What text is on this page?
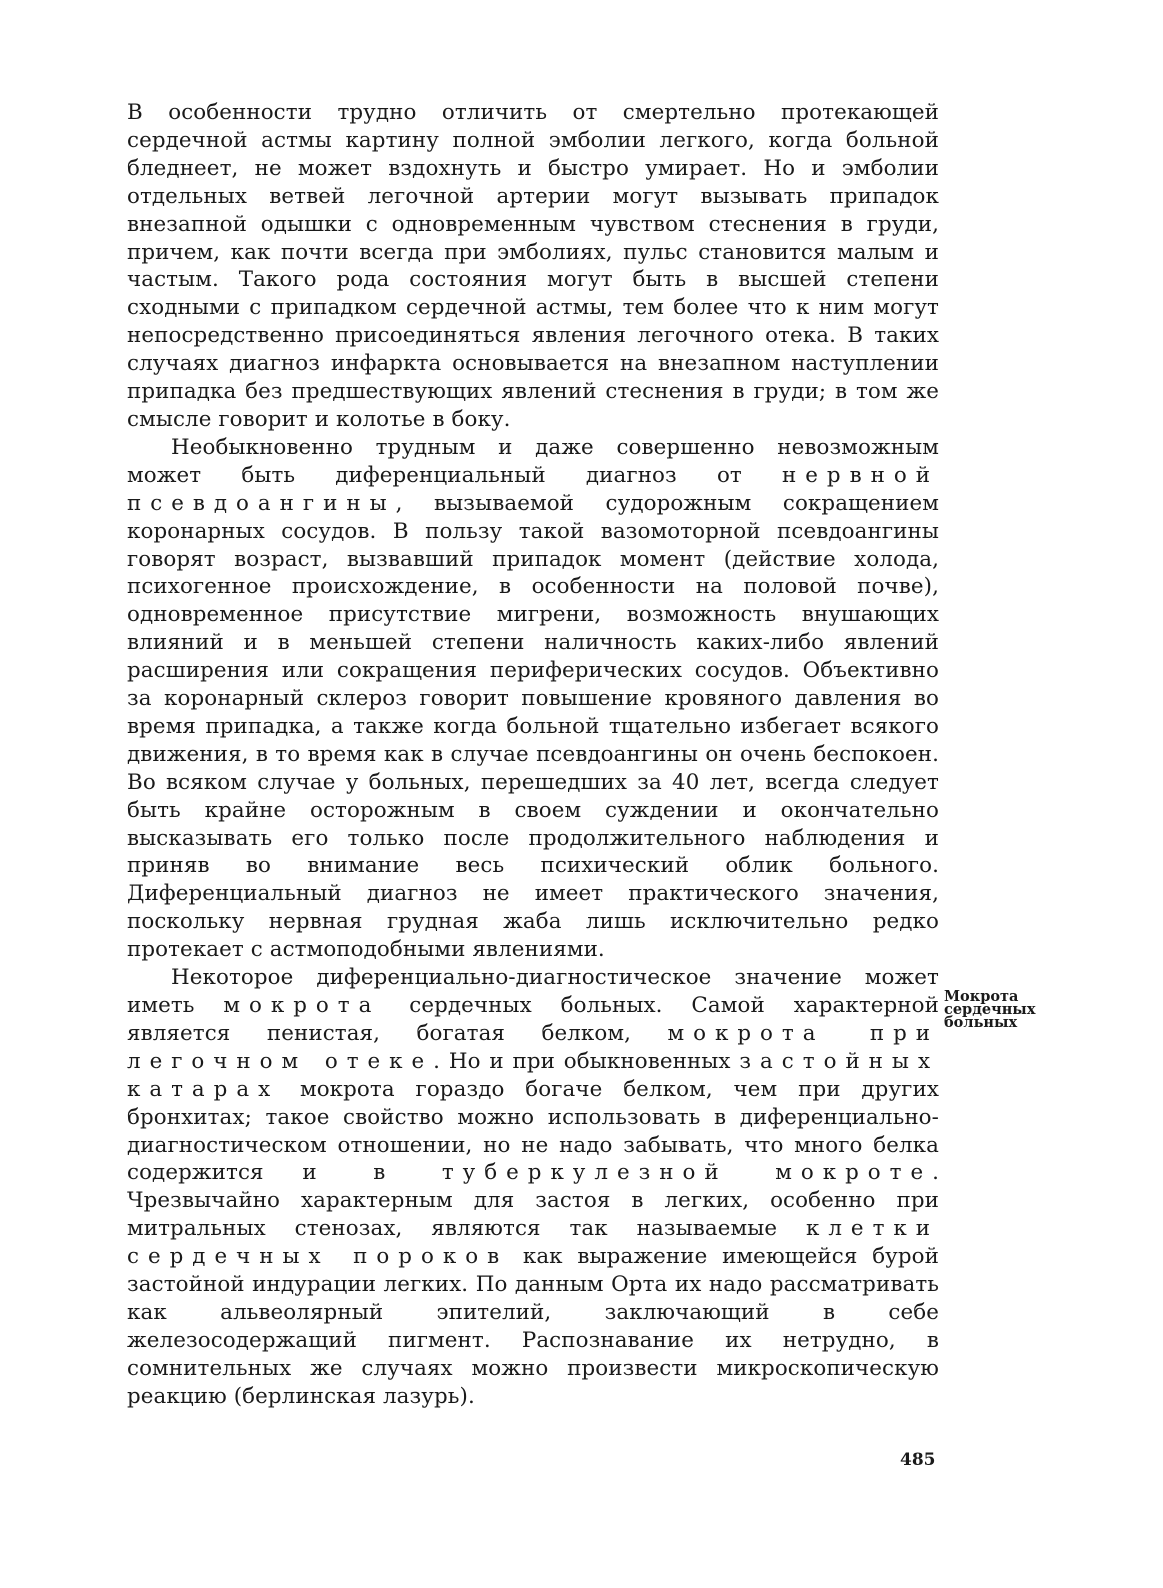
В особенности трудно отличить от смертельно протекающей сердечной астмы картину полной эмболии легкого, когда больной бледнеет, не может вздохнуть и быстро умирает. Но и эмболии отдельных ветвей легочной артерии могут вызывать припадок внезапной одышки с одновременным чувством стеснения в груди, причем, как почти всегда при эмболиях, пульс становится малым и частым. Такого рода состояния могут быть в высшей степени сходными с припадком сердечной астмы, тем более что к ним могут непосредственно присоединяться явления легочного отека. В таких случаях диагноз инфаркта основывается на внезапном наступлении припадка без предшествующих явлений стеснения в груди; в том же смысле говорит и колотье в боку.

Необыкновенно трудным и даже совершенно невозможным может быть диференциальный диагноз от нервной псевдоангины, вызываемой судорожным сокращением коронарных сосудов. В пользу такой вазомоторной псевдоангины говорят возраст, вызвавший припадок момент (действие холода, психогенное происхождение, в особенности на половой почве), одновременное присутствие мигрени, возможность внушающих влияний и в меньшей степени наличность каких-либо явлений расширения или сокращения периферических сосудов. Объективно за коронарный склероз говорит повышение кровяного давления во время припадка, а также когда больной тщательно избегает всякого движения, в то время как в случае псевдоангины он очень беспокоен. Во всяком случае у больных, перешедших за 40 лет, всегда следует быть крайне осторожным в своем суждении и окончательно высказывать его только после продолжительного наблюдения и приняв во внимание весь психический облик больного. Диференциальный диагноз не имеет практического значения, поскольку нервная грудная жаба лишь исключительно редко протекает с астмоподобными явлениями.

Некоторое диференциально-диагностическое значение может иметь мокрота сердечных больных. Самой характерной является пенистая, богатая белком, мокрота при легочном отеке. Но и при обыкновенных застойных катарах мокрота гораздо богаче белком, чем при других бронхитах; такое свойство можно использовать в диференциально-диагностическом отношении, но не надо забывать, что много белка содержится и в туберкулезной мокроте. Чрезвычайно характерным для застоя в легких, особенно при митральных стенозах, являются так называемые клетки сердечных пороков как выражение имеющейся бурой застойной индурации легких. По данным Орта их надо рассматривать как альвеолярный эпителий, заключающий в себе железосодержащий пигмент. Распознавание их нетрудно, в сомнительных же случаях можно произвести микроскопическую реакцию (берлинская лазурь).

Мокрота
сердечных
больных
485
